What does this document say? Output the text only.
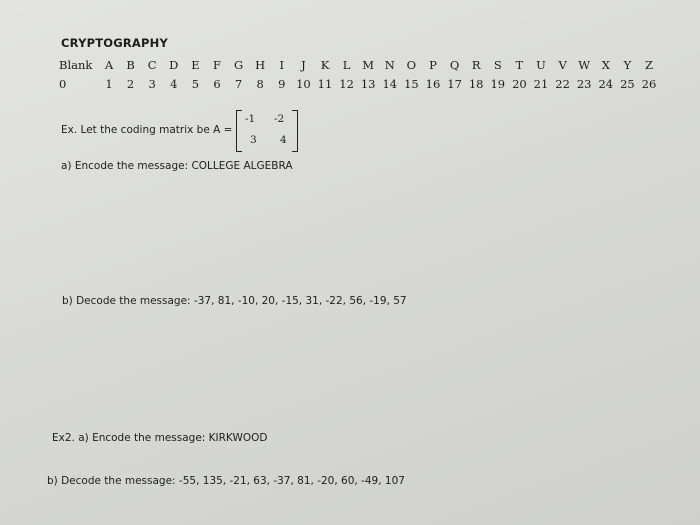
CRYPTOGRAPHY
Blank A B C D E F G H I J K L M N O P Q R S T U V W X Y Z
0	1 2 3 4 5 6 7 8 9 10 11 12 13 14 15 16 17 18 19 20 21 22 23 24 25 26
Ex. Let the coding matrix be A =
-1 -2
3 4
a) Encode the message: COLLEGE ALGEBRA
b) Decode the message: -37, 81, -10, 20, -15, 31, -22, 56, -19, 57
Ex2. a) Encode the message: KIRKWOOD
b) Decode the message: -55, 135, -21, 63, -37, 81, -20, 60, -49, 107
